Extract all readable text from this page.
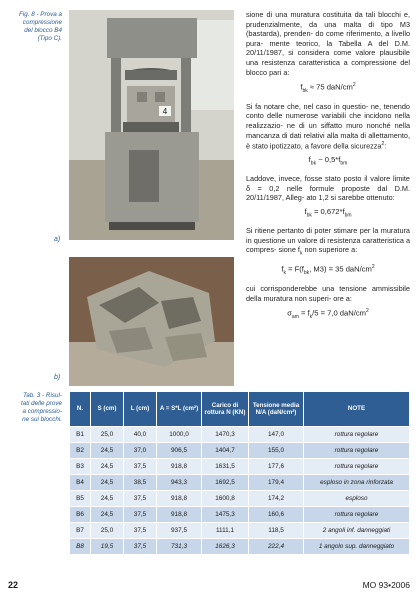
Fig. 8 - Prova a
compressione
del blocco B4
(Tipo C).
4
a)
b)

sione di una muratura costituita da tali blocchi e, prudenzialmente, da una malta di tipo M3 (bastarda), prenden- do come riferimento, a livello pura- mente teorico, la Tabella A del D.M. 20/11/1987, si considera come valore plausibile una resistenza caratteristica a compressione del blocco pari a:

$f_{bk} \approx 75$ daN/$cm^2$

Si fa notare che, nel caso in questio- ne, tenendo conto delle numerose variabili che incidono nella realizzazio- ne di un siffatto muro nonché nella mancanza di dati relativi alla malta di allettamento, è stato ipotizzato, a favore della sicurezza$^2$:

$f_{bk}$ ~ $0,5*f_{bm}$

Laddove, invece, fosse stato posto il valore limite δ = 0,2 nelle formule proposte dal D.M. 20/11/1987, Alleg- ato 1,2 si sarebbe ottenuto:

$f_{bk} = 0,672*f_{bm}$

Si ritiene pertanto di poter stimare per la muratura in questione un valore di resistenza caratteristica a compres- sione $f_k$ non superiore a:

$f_k = F(f_{bk}$, M3) = 35 daN/$cm^2$

cui corrisponderebbe una tensione ammissibile della muratura non superi- ore a:

$\sigma_{am} = f_k/5 = 7,0$ daN/$cm^2$
Tab. 3 - Risul-
tati delle prove
a compressio-
ne sui blocchi.
N.	S (cm)	L (cm)	A = S*L (cm²)	Carico di rottura N (KN)	Tensione media N/A (daN/cm²)	NOTE
B1	25,0	40,0	1000,0	1470,3	147,0	rottura regolare
B2	24,5	37,0	906,5	1404,7	155,0	rottura regolare
B3	24,5	37,5	918,8	1631,5	177,6	rottura regolare
B4	24,5	38,5	943,3	1692,5	179,4	esploso in zona rinforzata
B5	24,5	37,5	918,8	1600,8	174,2	esploso
B6	24,5	37,5	918,8	1475,3	160,6	rottura regolare
B7	25,0	37,5	937,5	1111,1	118,5	2 angoli inf. danneggiati
B8	19,5	37,5	731,3	1626,3	222,4	1 angolo sup. danneggiato
22	MO 93•2006
